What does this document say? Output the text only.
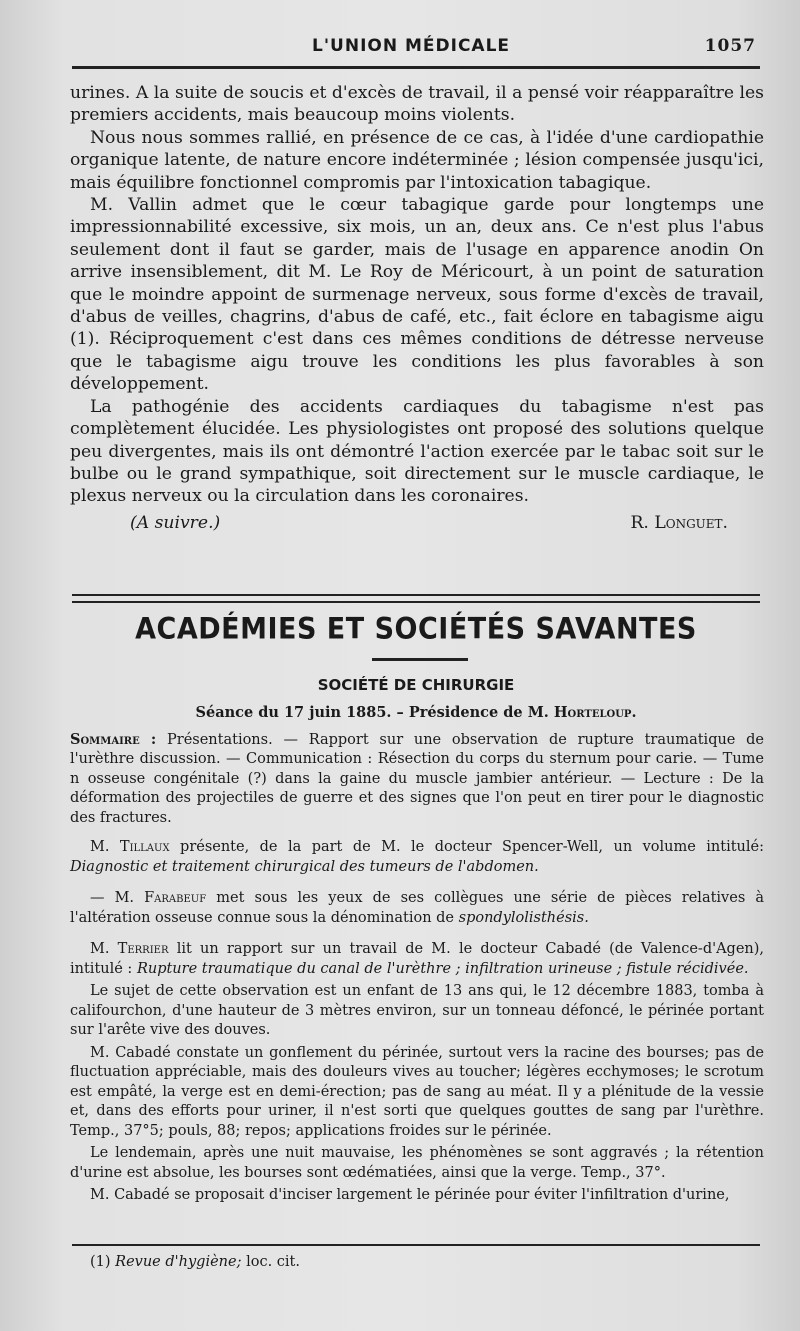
L'UNION MÉDICALE	1057

urines. A la suite de soucis et d'excès de travail, il a pensé voir réapparaître les premiers accidents, mais beaucoup moins violents.

Nous nous sommes rallié, en présence de ce cas, à l'idée d'une cardiopathie organique latente, de nature encore indéterminée ; lésion compensée jusqu'ici, mais équilibre fonctionnel compromis par l'intoxication tabagique.

M. Vallin admet que le cœur tabagique garde pour longtemps une impressionnabilité excessive, six mois, un an, deux ans. Ce n'est plus l'abus seulement dont il faut se garder, mais de l'usage en apparence anodin On arrive insensiblement, dit M. Le Roy de Méricourt, à un point de saturation que le moindre appoint de surmenage nerveux, sous forme d'excès de travail, d'abus de veilles, chagrins, d'abus de café, etc., fait éclore en tabagisme aigu (1). Réciproquement c'est dans ces mêmes conditions de détresse nerveuse que le tabagisme aigu trouve les conditions les plus favorables à son développement.

La pathogénie des accidents cardiaques du tabagisme n'est pas complètement élucidée. Les physiologistes ont proposé des solutions quelque peu divergentes, mais ils ont démontré l'action exercée par le tabac soit sur le bulbe ou le grand sympathique, soit directement sur le muscle cardiaque, le plexus nerveux ou la circulation dans les coronaires.

(A suivre.)	R. Longuet.
ACADÉMIES ET SOCIÉTÉS SAVANTES
SOCIÉTÉ DE CHIRURGIE
Séance du 17 juin 1885. – Présidence de M. Horteloup.
Sommaire : Présentations. — Rapport sur une observation de rupture traumatique de l'urèthre discussion. — Communication : Résection du corps du sternum pour carie. — Tume n osseuse congénitale (?) dans la gaine du muscle jambier antérieur. — Lecture : De la déformation des projectiles de guerre et des signes que l'on peut en tirer pour le diagnostic des fractures.

M. Tillaux présente, de la part de M. le docteur Spencer-Well, un volume intitulé: Diagnostic et traitement chirurgical des tumeurs de l'abdomen.

— M. Farabeuf met sous les yeux de ses collègues une série de pièces relatives à l'altération osseuse connue sous la dénomination de spondylolisthésis.

M. Terrier lit un rapport sur un travail de M. le docteur Cabadé (de Valence-d'Agen), intitulé : Rupture traumatique du canal de l'urèthre ; infiltration urineuse ; fistule récidivée.

Le sujet de cette observation est un enfant de 13 ans qui, le 12 décembre 1883, tomba à califourchon, d'une hauteur de 3 mètres environ, sur un tonneau défoncé, le périnée portant sur l'arête vive des douves.

M. Cabadé constate un gonflement du périnée, surtout vers la racine des bourses; pas de fluctuation appréciable, mais des douleurs vives au toucher; légères ecchymoses; le scrotum est empâté, la verge est en demi-érection; pas de sang au méat. Il y a plénitude de la vessie et, dans des efforts pour uriner, il n'est sorti que quelques gouttes de sang par l'urèthre. Temp., 37°5; pouls, 88; repos; applications froides sur le périnée.

Le lendemain, après une nuit mauvaise, les phénomènes se sont aggravés ; la rétention d'urine est absolue, les bourses sont œdématiées, ainsi que la verge. Temp., 37°.

M. Cabadé se proposait d'inciser largement le périnée pour éviter l'infiltration d'urine,

(1) Revue d'hygiène; loc. cit.
